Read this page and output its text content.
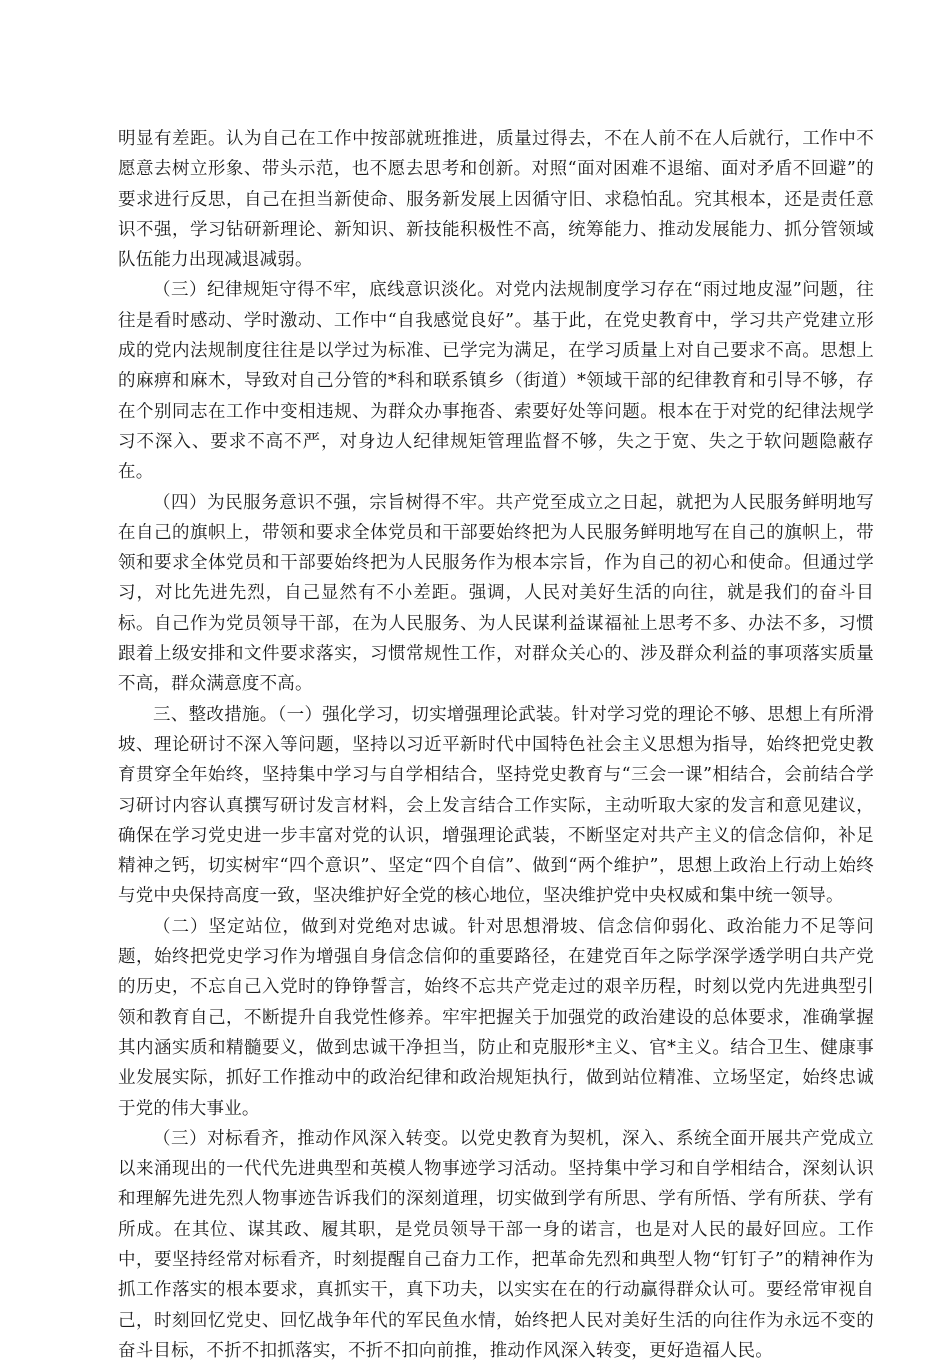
明显有差距。认为自己在工作中按部就班推进，质量过得去，不在人前不在人后就行，工作中不愿意去树立形象、带头示范，也不愿去思考和创新。对照“面对困难不退缩、面对矛盾不回避”的要求进行反思，自己在担当新使命、服务新发展上因循守旧、求稳怕乱。究其根本，还是责任意识不强，学习钻研新理论、新知识、新技能积极性不高，统筹能力、推动发展能力、抓分管领域队伍能力出现减退减弱。

（三）纪律规矩守得不牢，底线意识淡化。对党内法规制度学习存在“雨过地皮湿”问题，往往是看时感动、学时激动、工作中“自我感觉良好”。基于此，在党史教育中，学习共产党建立形成的党内法规制度往往是以学过为标准、已学完为满足，在学习质量上对自己要求不高。思想上的麻痹和麻木，导致对自己分管的*科和联系镇乡（街道）*领域干部的纪律教育和引导不够，存在个别同志在工作中变相违规、为群众办事拖沓、索要好处等问题。根本在于对党的纪律法规学习不深入、要求不高不严，对身边人纪律规矩管理监督不够，失之于宽、失之于软问题隐蔽存在。

（四）为民服务意识不强，宗旨树得不牢。共产党至成立之日起，就把为人民服务鲜明地写在自己的旗帜上，带领和要求全体党员和干部要始终把为人民服务鲜明地写在自己的旗帜上，带领和要求全体党员和干部要始终把为人民服务作为根本宗旨，作为自己的初心和使命。但通过学习，对比先进先烈，自己显然有不小差距。强调，人民对美好生活的向往，就是我们的奋斗目标。自己作为党员领导干部，在为人民服务、为人民谋利益谋福祉上思考不多、办法不多，习惯跟着上级安排和文件要求落实，习惯常规性工作，对群众关心的、涉及群众利益的事项落实质量不高，群众满意度不高。

三、整改措施。（一）强化学习，切实增强理论武装。针对学习党的理论不够、思想上有所滑坡、理论研讨不深入等问题，坚持以习近平新时代中国特色社会主义思想为指导，始终把党史教育贯穿全年始终，坚持集中学习与自学相结合，坚持党史教育与“三会一课”相结合，会前结合学习研讨内容认真撰写研讨发言材料，会上发言结合工作实际，主动听取大家的发言和意见建议，确保在学习党史进一步丰富对党的认识，增强理论武装，不断坚定对共产主义的信念信仰，补足精神之钙，切实树牢“四个意识”、坚定“四个自信”、做到“两个维护”，思想上政治上行动上始终与党中央保持高度一致，坚决维护好全党的核心地位，坚决维护党中央权威和集中统一领导。

（二）坚定站位，做到对党绝对忠诚。针对思想滑坡、信念信仰弱化、政治能力不足等问题，始终把党史学习作为增强自身信念信仰的重要路径，在建党百年之际学深学透学明白共产党的历史，不忘自己入党时的铮铮誓言，始终不忘共产党走过的艰辛历程，时刻以党内先进典型引领和教育自己，不断提升自我党性修养。牢牢把握关于加强党的政治建设的总体要求，准确掌握其内涵实质和精髓要义，做到忠诚干净担当，防止和克服形*主义、官*主义。结合卫生、健康事业发展实际，抓好工作推动中的政治纪律和政治规矩执行，做到站位精准、立场坚定，始终忠诚于党的伟大事业。

（三）对标看齐，推动作风深入转变。以党史教育为契机，深入、系统全面开展共产党成立以来涌现出的一代代先进典型和英模人物事迹学习活动。坚持集中学习和自学相结合，深刻认识和理解先进先烈人物事迹告诉我们的深刻道理，切实做到学有所思、学有所悟、学有所获、学有所成。在其位、谋其政、履其职，是党员领导干部一身的诺言，也是对人民的最好回应。工作中，要坚持经常对标看齐，时刻提醒自己奋力工作，把革命先烈和典型人物“钉钉子”的精神作为抓工作落实的根本要求，真抓实干，真下功夫，以实实在在的行动赢得群众认可。要经常审视自己，时刻回忆党史、回忆战争年代的军民鱼水情，始终把人民对美好生活的向往作为永远不变的奋斗目标，不折不扣抓落实，不折不扣向前推，推动作风深入转变，更好造福人民。
